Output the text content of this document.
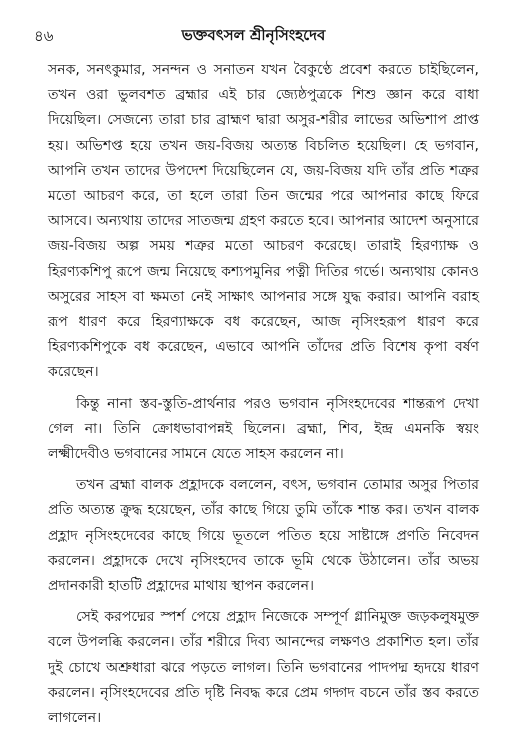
৪৬	ভক্তবৎসল শ্রীনৃসিংহদেব

সনক, সনৎকুমার, সনন্দন ও সনাতন যখন বৈকুণ্ঠে প্রবেশ করতে চাইছিলেন, তখন ওরা ভুলবশত ব্রহ্মার এই চার জ্যেষ্ঠপুত্রকে শিশু জ্ঞান করে বাধা দিয়েছিল। সেজন্যে তারা চার ব্রাহ্মণ দ্বারা অসুর-শরীর লাভের অভিশাপ প্রাপ্ত হয়। অভিশপ্ত হয়ে তখন জয়-বিজয় অত্যন্ত বিচলিত হয়েছিল। হে ভগবান, আপনি তখন তাদের উপদেশ দিয়েছিলেন যে, জয়-বিজয় যদি তাঁর প্রতি শত্রুর মতো আচরণ করে, তা হলে তারা তিন জন্মের পরে আপনার কাছে ফিরে আসবে। অন্যথায় তাদের সাতজন্ম গ্রহণ করতে হবে। আপনার আদেশ অনুসারে জয়-বিজয় অল্প সময় শত্রুর মতো আচরণ করেছে। তারাই হিরণ্যাক্ষ ও হিরণ্যকশিপু রূপে জন্ম নিয়েছে কশ্যপমুনির পত্নী দিতির গর্ভে। অন্যথায় কোনও অসুরের সাহস বা ক্ষমতা নেই সাক্ষাৎ আপনার সঙ্গে যুদ্ধ করার। আপনি বরাহ রূপ ধারণ করে হিরণ্যাক্ষকে বধ করেছেন, আজ নৃসিংহরূপ ধারণ করে হিরণ্যকশিপুকে বধ করেছেন, এভাবে আপনি তাঁদের প্রতি বিশেষ কৃপা বর্ষণ করেছেন।

কিন্তু নানা স্তব-স্তুতি-প্রার্থনার পরও ভগবান নৃসিংহদেবের শান্তরূপ দেখা গেল না। তিনি ক্রোধভাবাপন্নই ছিলেন। ব্রহ্মা, শিব, ইন্দ্র এমনকি স্বয়ং লক্ষ্মীদেবীও ভগবানের সামনে যেতে সাহস করলেন না।

তখন ব্রহ্মা বালক প্রহ্লাদকে বললেন, বৎস, ভগবান তোমার অসুর পিতার প্রতি অত্যন্ত ক্রুদ্ধ হয়েছেন, তাঁর কাছে গিয়ে তুমি তাঁকে শান্ত কর। তখন বালক প্রহ্লাদ নৃসিংহদেবের কাছে গিয়ে ভূতলে পতিত হয়ে সাষ্টাঙ্গে প্রণতি নিবেদন করলেন। প্রহ্লাদকে দেখে নৃসিংহদেব তাকে ভূমি থেকে উঠালেন। তাঁর অভয় প্রদানকারী হাতটি প্রহ্লাদের মাথায় স্থাপন করলেন।

সেই করপদ্মের স্পর্শ পেয়ে প্রহ্লাদ নিজেকে সম্পূর্ণ গ্লানিমুক্ত জড়কলুষমুক্ত বলে উপলব্ধি করলেন। তাঁর শরীরে দিব্য আনন্দের লক্ষণও প্রকাশিত হল। তাঁর দুই চোখে অশ্রুধারা ঝরে পড়তে লাগল। তিনি ভগবানের পাদপদ্ম হৃদয়ে ধারণ করলেন। নৃসিংহদেবের প্রতি দৃষ্টি নিবদ্ধ করে প্রেম গদ্গদ বচনে তাঁর স্তব করতে লাগলেন।
